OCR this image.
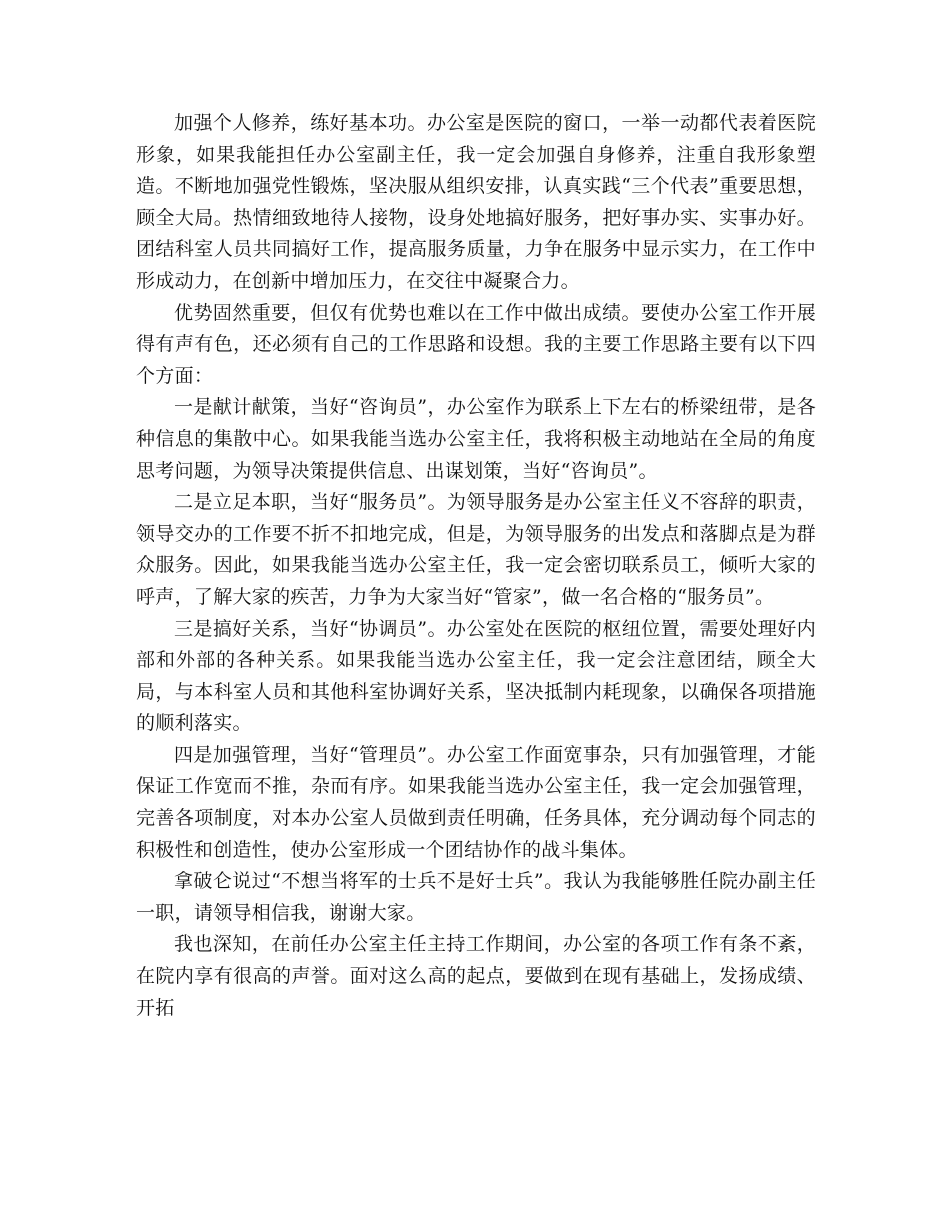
加强个人修养，练好基本功。办公室是医院的窗口，一举一动都代表着医院形象，如果我能担任办公室副主任，我一定会加强自身修养，注重自我形象塑造。不断地加强党性锻炼，坚决服从组织安排，认真实践“三个代表”重要思想，顾全大局。热情细致地待人接物，设身处地搞好服务，把好事办实、实事办好。团结科室人员共同搞好工作，提高服务质量，力争在服务中显示实力，在工作中形成动力，在创新中增加压力，在交往中凝聚合力。

优势固然重要，但仅有优势也难以在工作中做出成绩。要使办公室工作开展得有声有色，还必须有自己的工作思路和设想。我的主要工作思路主要有以下四个方面：

一是献计献策，当好“咨询员”，办公室作为联系上下左右的桥梁纽带，是各种信息的集散中心。如果我能当选办公室主任，我将积极主动地站在全局的角度思考问题，为领导决策提供信息、出谋划策，当好“咨询员”。

二是立足本职，当好“服务员”。为领导服务是办公室主任义不容辞的职责，领导交办的工作要不折不扣地完成，但是，为领导服务的出发点和落脚点是为群众服务。因此，如果我能当选办公室主任，我一定会密切联系员工，倾听大家的呼声，了解大家的疾苦，力争为大家当好“管家”，做一名合格的“服务员”。

三是搞好关系，当好“协调员”。办公室处在医院的枢纽位置，需要处理好内部和外部的各种关系。如果我能当选办公室主任，我一定会注意团结，顾全大局，与本科室人员和其他科室协调好关系，坚决抵制内耗现象，以确保各项措施的顺利落实。

四是加强管理，当好“管理员”。办公室工作面宽事杂，只有加强管理，才能保证工作宽而不推，杂而有序。如果我能当选办公室主任，我一定会加强管理，完善各项制度，对本办公室人员做到责任明确，任务具体，充分调动每个同志的积极性和创造性，使办公室形成一个团结协作的战斗集体。

拿破仑说过“不想当将军的士兵不是好士兵”。我认为我能够胜任院办副主任一职，请领导相信我，谢谢大家。

我也深知，在前任办公室主任主持工作期间，办公室的各项工作有条不紊，在院内享有很高的声誉。面对这么高的起点，要做到在现有基础上，发扬成绩、开拓
